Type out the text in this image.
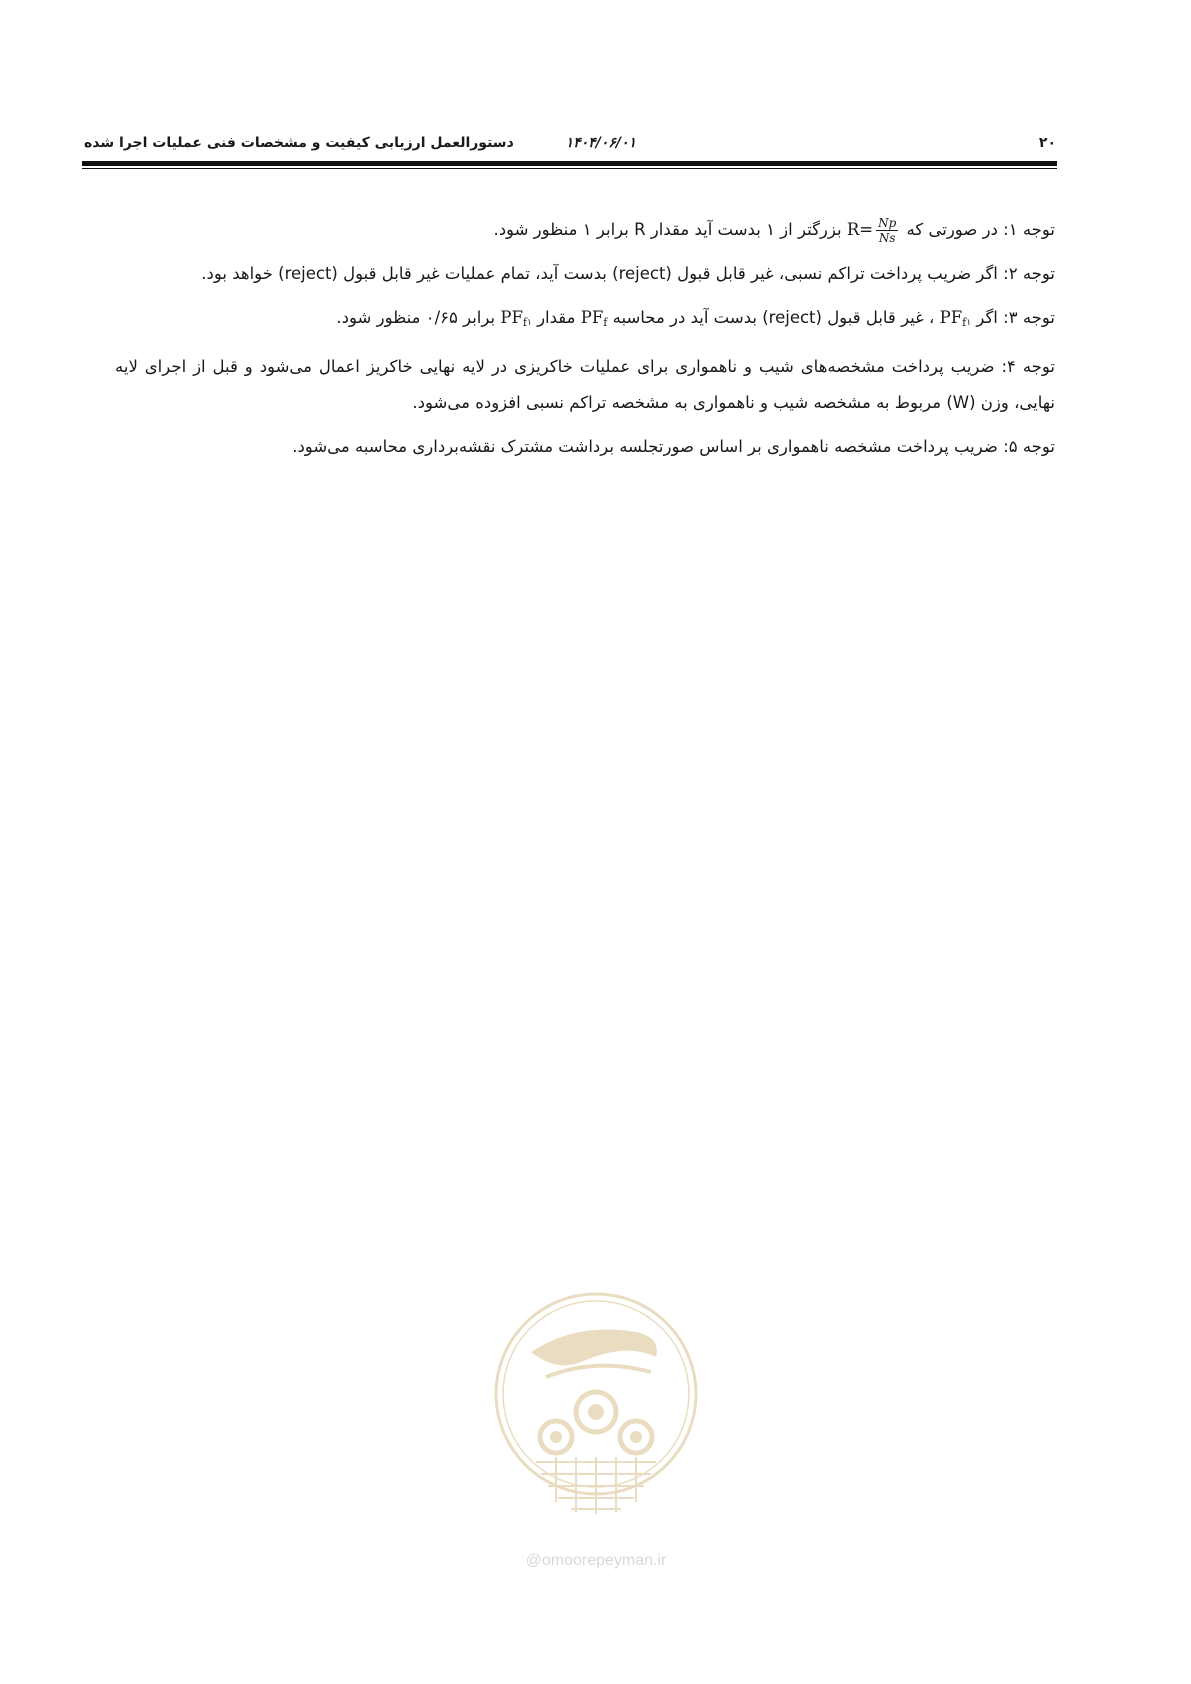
۲۰
۱۴۰۴/۰۶/۰۱
دستورالعمل ارزیابی کیفیت و مشخصات فنی عملیات اجرا شده

توجه ۱: در صورتی که $R= \frac{Np}{Ns}$
بزرگتر از ۱ بدست آید مقدار R برابر ۱ منظور شود.

توجه ۲: اگر ضریب پرداخت تراکم نسبی، غیر قابل قبول (reject) بدست آید، تمام عملیات غیر قابل قبول (reject) خواهد بود.

توجه ۳: اگر $PF_f۱$ ، غیر قابل قبول (reject) بدست آید در محاسبه $PF_f$ مقدار $PF_f۱$ برابر ۰/۶۵ منظور شود.

توجه ۴: ضریب پرداخت مشخصه‌های شیب و ناهمواری برای عملیات خاکریزی در لایه نهایی خاکریز اعمال می‌شود و قبل از اجرای لایه نهایی، وزن (W) مربوط به مشخصه شیب و ناهمواری به مشخصه تراکم نسبی افزوده می‌شود.

توجه ۵: ضریب پرداخت مشخصه ناهمواری بر اساس صورتجلسه برداشت مشترک نقشه‌برداری محاسبه می‌شود.

@omoorepeyman.ir
